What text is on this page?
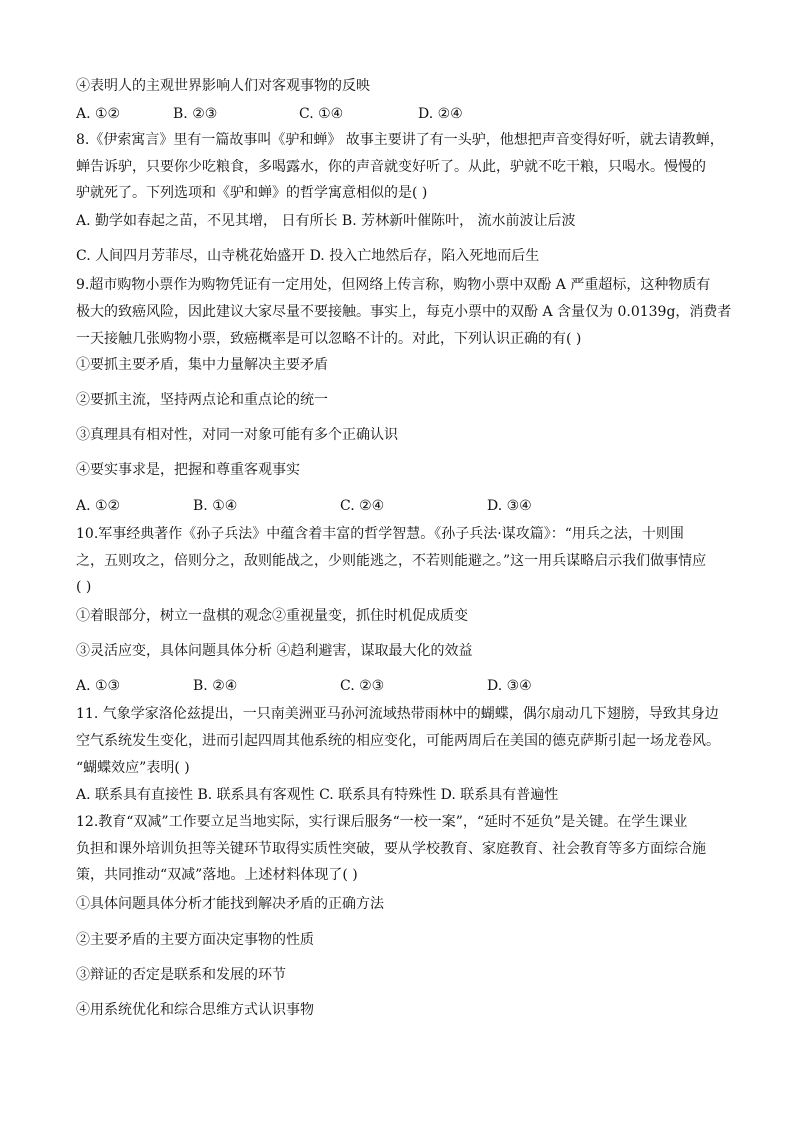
④表明人的主观世界影响人们对客观事物的反映
A. ①②	B. ②③	C. ①④	D. ②④
8.《伊索寓言》里有一篇故事叫《驴和蝉》 故事主要讲了有一头驴，他想把声音变得好听，就去请教蝉，
蝉告诉驴，只要你少吃粮食，多喝露水，你的声音就变好听了。从此，驴就不吃干粮，只喝水。慢慢的
驴就死了。下列选项和《驴和蝉》的哲学寓意相似的是( )
A. 勤学如春起之苗，不见其增， 日有所长 B. 芳林新叶催陈叶， 流水前波让后波
C. 人间四月芳菲尽，山寺桃花始盛开 D. 投入亡地然后存，陷入死地而后生
9.超市购物小票作为购物凭证有一定用处，但网络上传言称，购物小票中双酚 A 严重超标，这种物质有
极大的致癌风险，因此建议大家尽量不要接触。事实上，每克小票中的双酚 A 含量仅为 0.0139g，消费者
一天接触几张购物小票，致癌概率是可以忽略不计的。对此，下列认识正确的有( )
①要抓主要矛盾，集中力量解决主要矛盾
②要抓主流，坚持两点论和重点论的统一
③真理具有相对性，对同一对象可能有多个正确认识
④要实事求是，把握和尊重客观事实
A. ①②	B. ①④	C. ②④	D. ③④
10.军事经典著作《孙子兵法》中蕴含着丰富的哲学智慧。《孙子兵法·谋攻篇》：“用兵之法，十则围
之，五则攻之，倍则分之，敌则能战之，少则能逃之，不若则能避之。”这一用兵谋略启示我们做事情应
( )
①着眼部分，树立一盘棋的观念②重视量变，抓住时机促成质变
③灵活应变，具体问题具体分析 ④趋利避害，谋取最大化的效益
A. ①③	B. ②④	C. ②③	D. ③④
11. 气象学家洛伦兹提出，一只南美洲亚马孙河流域热带雨林中的蝴蝶，偶尔扇动几下翅膀，导致其身边
空气系统发生变化，进而引起四周其他系统的相应变化，可能两周后在美国的德克萨斯引起一场龙卷风。
“蝴蝶效应”表明( )
A. 联系具有直接性 B. 联系具有客观性 C. 联系具有特殊性 D. 联系具有普遍性
12.教育“双减”工作要立足当地实际，实行课后服务“一校一案”，“延时不延负”是关键。在学生课业
负担和课外培训负担等关键环节取得实质性突破，要从学校教育、家庭教育、社会教育等多方面综合施
策，共同推动“双减”落地。上述材料体现了( )
①具体问题具体分析才能找到解决矛盾的正确方法
②主要矛盾的主要方面决定事物的性质
③辩证的否定是联系和发展的环节
④用系统优化和综合思维方式认识事物
